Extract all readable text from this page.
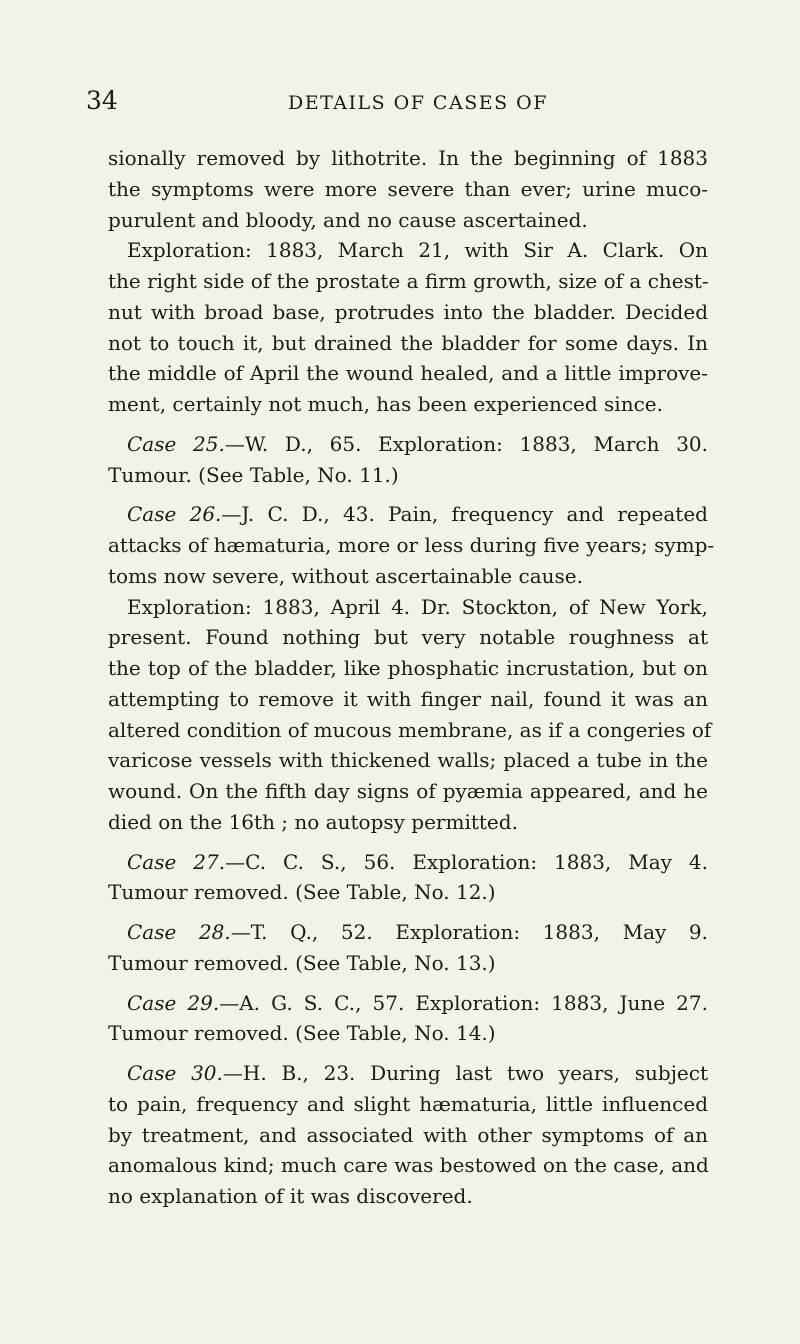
34	DETAILS OF CASES OF
sionally removed by lithotrite. In the beginning of 1883
the symptoms were more severe than ever; urine muco-
purulent and bloody, and no cause ascertained.
Exploration: 1883, March 21, with Sir A. Clark. On
the right side of the prostate a firm growth, size of a chest-
nut with broad base, protrudes into the bladder. Decided
not to touch it, but drained the bladder for some days. In
the middle of April the wound healed, and a little improve-
ment, certainly not much, has been experienced since.
Case 25.—W. D., 65. Exploration: 1883, March 30.
Tumour. (See Table, No. 11.)
Case 26.—J. C. D., 43. Pain, frequency and repeated
attacks of hæmaturia, more or less during five years; symp-
toms now severe, without ascertainable cause.
Exploration: 1883, April 4. Dr. Stockton, of New York,
present. Found nothing but very notable roughness at
the top of the bladder, like phosphatic incrustation, but on
attempting to remove it with finger nail, found it was an
altered condition of mucous membrane, as if a congeries of
varicose vessels with thickened walls; placed a tube in the
wound. On the fifth day signs of pyæmia appeared, and he
died on the 16th ; no autopsy permitted.
Case 27.—C. C. S., 56. Exploration: 1883, May 4.
Tumour removed. (See Table, No. 12.)
Case 28.—T. Q., 52. Exploration: 1883, May 9.
Tumour removed. (See Table, No. 13.)
Case 29.—A. G. S. C., 57. Exploration: 1883, June 27.
Tumour removed. (See Table, No. 14.)
Case 30.—H. B., 23. During last two years, subject
to pain, frequency and slight hæmaturia, little influenced
by treatment, and associated with other symptoms of an
anomalous kind; much care was bestowed on the case, and
no explanation of it was discovered.
